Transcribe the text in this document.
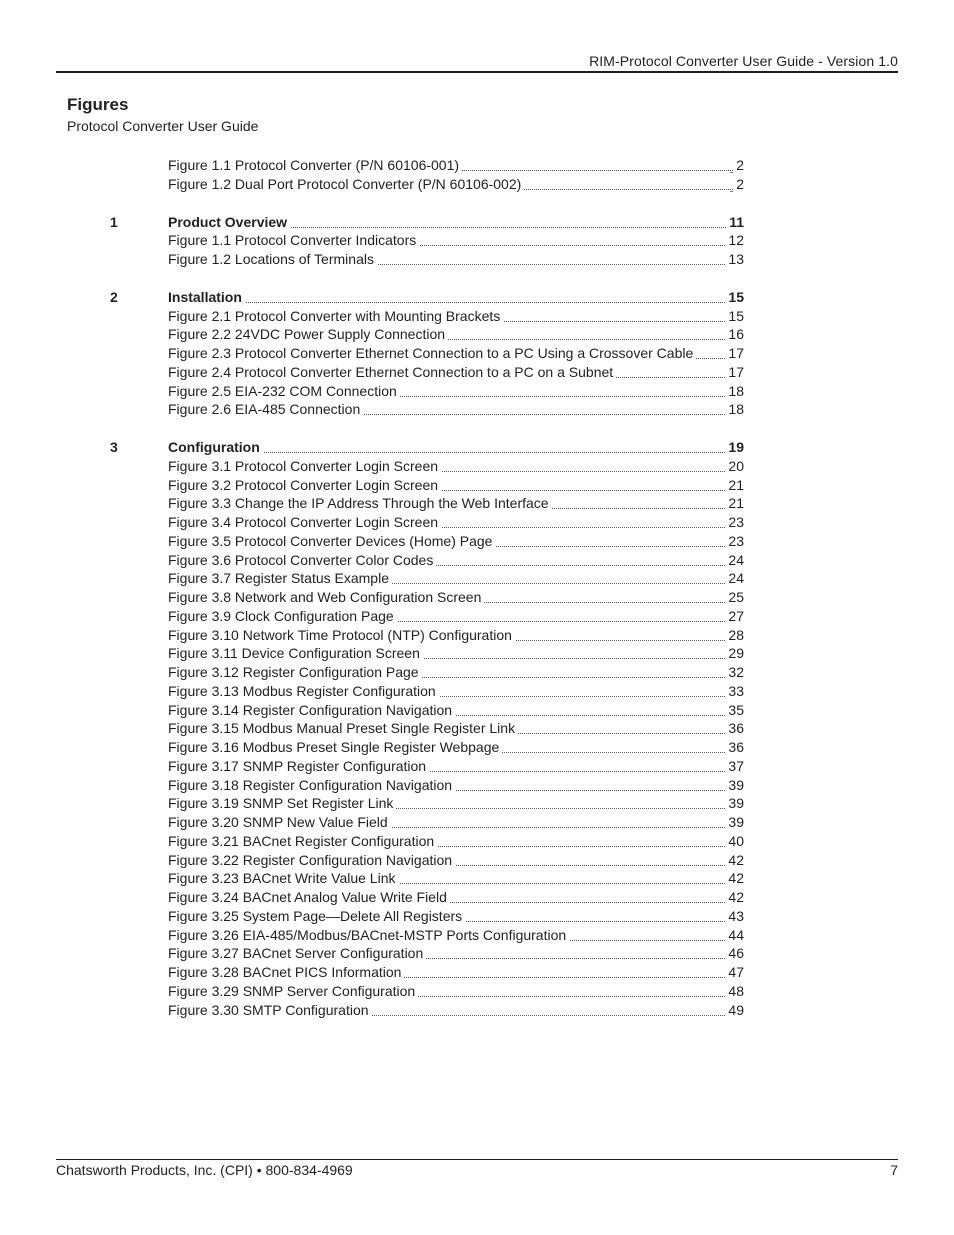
RIM-Protocol Converter User Guide - Version 1.0
Figures
Protocol Converter User Guide
Figure 1.1 Protocol Converter (P/N 60106-001)	2
Figure 1.2 Dual Port Protocol Converter (P/N 60106-002)	2
1	Product Overview	11
Figure 1.1 Protocol Converter Indicators	12
Figure 1.2 Locations of Terminals	13
2	Installation	15
Figure 2.1 Protocol Converter with Mounting Brackets	15
Figure 2.2 24VDC Power Supply Connection	16
Figure 2.3 Protocol Converter Ethernet Connection to a PC Using a Crossover Cable	17
Figure 2.4 Protocol Converter Ethernet Connection to a PC on a Subnet	17
Figure 2.5 EIA-232 COM Connection	18
Figure 2.6 EIA-485 Connection	18
3	Configuration	19
Figure 3.1 Protocol Converter Login Screen	20
Figure 3.2 Protocol Converter Login Screen	21
Figure 3.3 Change the IP Address Through the Web Interface	21
Figure 3.4 Protocol Converter Login Screen	23
Figure 3.5 Protocol Converter Devices (Home) Page	23
Figure 3.6 Protocol Converter Color Codes	24
Figure 3.7 Register Status Example	24
Figure 3.8 Network and Web Configuration Screen	25
Figure 3.9 Clock Configuration Page	27
Figure 3.10 Network Time Protocol (NTP) Configuration	28
Figure 3.11 Device Configuration Screen	29
Figure 3.12 Register Configuration Page	32
Figure 3.13 Modbus Register Configuration	33
Figure 3.14 Register Configuration Navigation	35
Figure 3.15 Modbus Manual Preset Single Register Link	36
Figure 3.16 Modbus Preset Single Register Webpage	36
Figure 3.17 SNMP Register Configuration	37
Figure 3.18 Register Configuration Navigation	39
Figure 3.19 SNMP Set Register Link	39
Figure 3.20 SNMP New Value Field	39
Figure 3.21 BACnet Register Configuration	40
Figure 3.22 Register Configuration Navigation	42
Figure 3.23 BACnet Write Value Link	42
Figure 3.24 BACnet Analog Value Write Field	42
Figure 3.25 System Page—Delete All Registers	43
Figure 3.26 EIA-485/Modbus/BACnet-MSTP Ports Configuration	44
Figure 3.27 BACnet Server Configuration	46
Figure 3.28 BACnet PICS Information	47
Figure 3.29 SNMP Server Configuration	48
Figure 3.30 SMTP Configuration	49
Chatsworth Products, Inc. (CPI) • 800-834-4969	7
